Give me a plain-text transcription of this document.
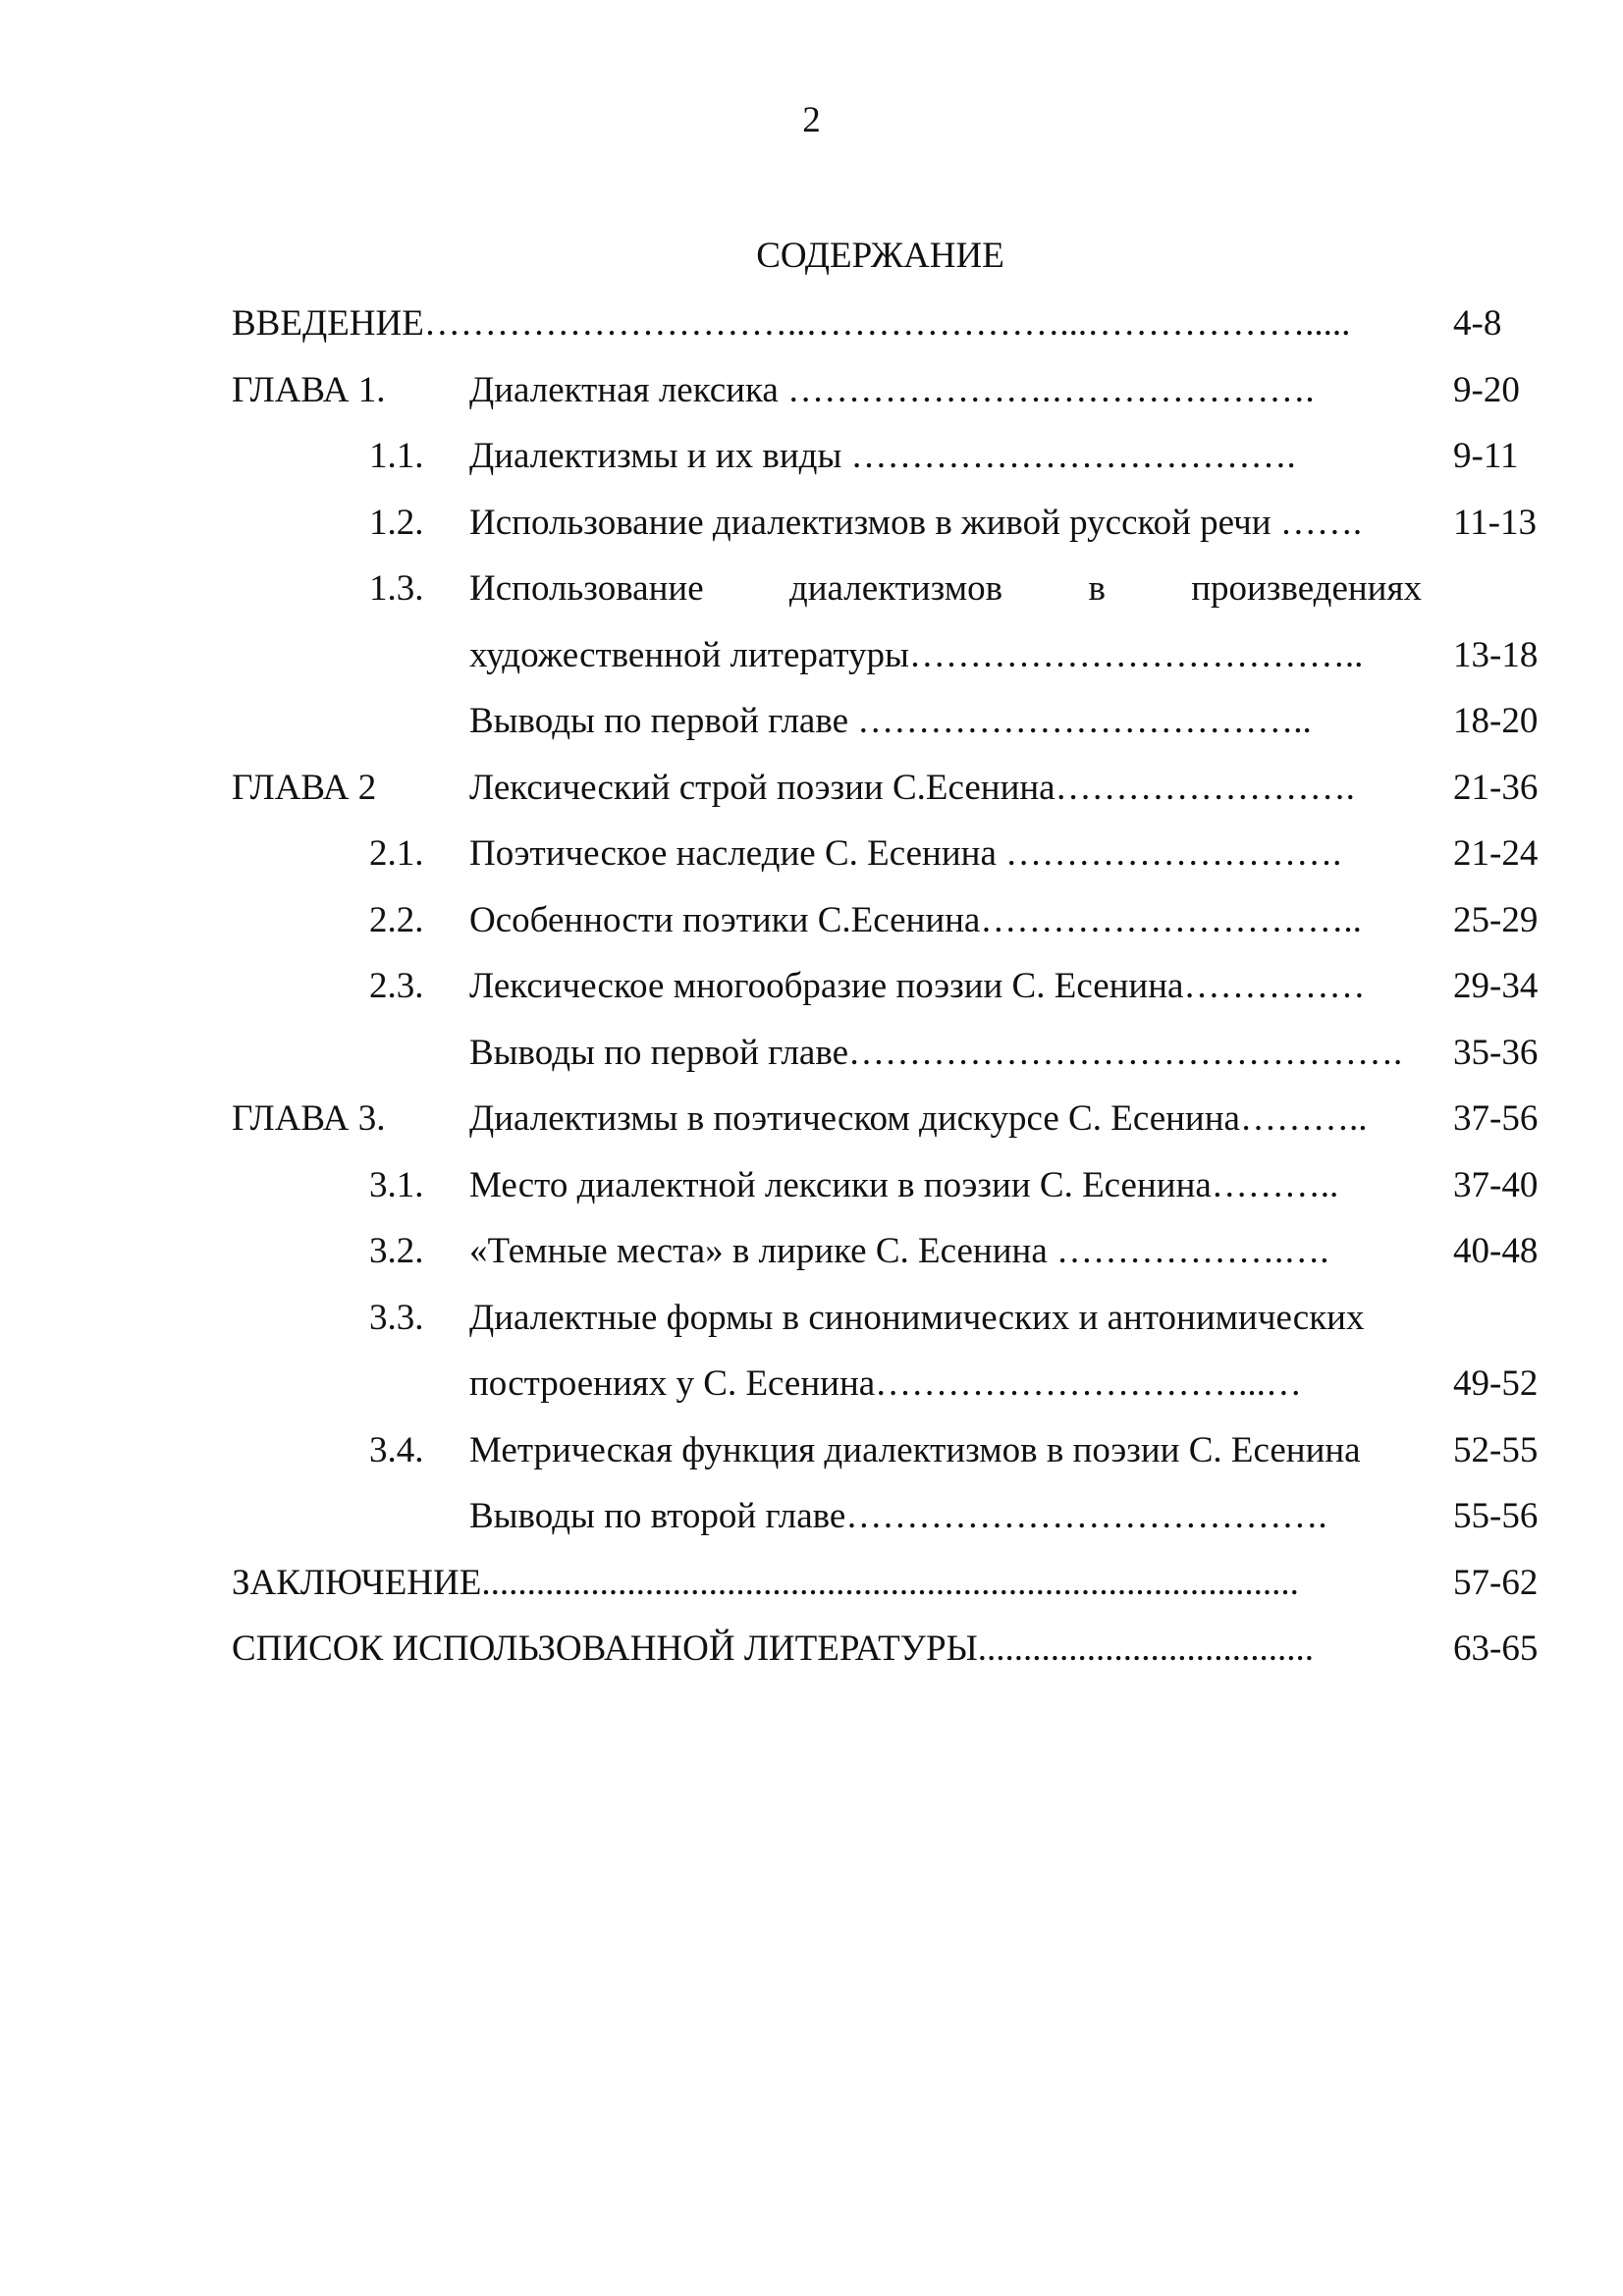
2
СОДЕРЖАНИЕ
ВВЕДЕНИЕ…………………………..…………………...……………….....	4-8
ГЛАВА 1. Диалектная лексика ………………….………………….	9-20
1.1. Диалектизмы и их виды ……………………………….	9-11
1.2. Использование диалектизмов в живой русской речи …….	11-13
1.3. Использование диалектизмов в произведениях
художественной литературы……………………………….. 13-18
Выводы по первой главе ………………………………..	18-20
ГЛАВА 2	Лексический строй поэзии С.Есенина…………………….	21-36
2.1. Поэтическое наследие С. Есенина ……………………….	21-24
2.2. Особенности поэтики С.Есенина…………………………..	25-29
2.3. Лексическое многообразие поэзии С. Есенина…………… 29-34
Выводы по первой главе………………………………………. 35-36
ГЛАВА 3. Диалектизмы в поэтическом дискурсе С. Есенина……….. 37-56
3.1. Место диалектной лексики в поэзии С. Есенина………..	37-40
3.2. «Темные места» в лирике С. Есенина ……………….….	40-48
3.3. Диалектные формы в синонимических и антонимических
построениях у С. Есенина…………………………...…	49-52
3.4. Метрическая функция диалектизмов в поэзии С. Есенина	52-55
Выводы по второй главе………………………………….	55-56
ЗАКЛЮЧЕНИЕ..........................................................................................	57-62
СПИСОК ИСПОЛЬЗОВАННОЙ ЛИТЕРАТУРЫ.....................................	63-65
